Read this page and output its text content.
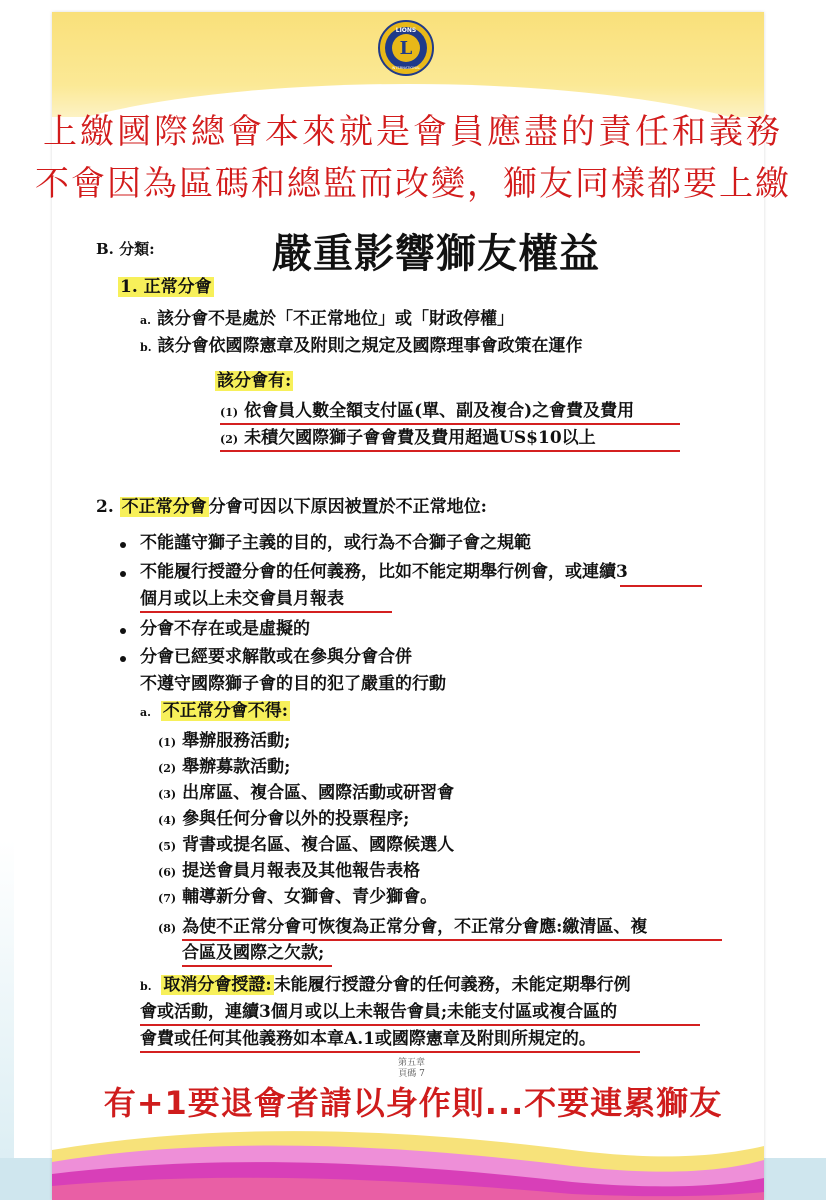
L
LIONS
INTERNATIONAL
上繳國際總會本來就是會員應盡的責任和義務
不會因為區碼和總監而改變，獅友同樣都要上繳
B. 分類:	嚴重影響獅友權益
1. 正常分會
a. 該分會不是處於「不正常地位」或「財政停權」
b. 該分會依國際憲章及附則之規定及國際理事會政策在運作
該分會有:
(1) 依會員人數全額支付區(單、副及複合)之會費及費用
(2) 未積欠國際獅子會會費及費用超過US$10以上
2. 不正常分會 分會可因以下原因被置於不正常地位:
不能謹守獅子主義的目的，或行為不合獅子會之規範
不能履行授證分會的任何義務，比如不能定期舉行例會，或連續3
個月或以上未交會員月報表
分會不存在或是虛擬的
分會已經要求解散或在參與分會合併
不遵守國際獅子會的目的犯了嚴重的行動
a. 不正常分會不得:
(1) 舉辦服務活動;
(2) 舉辦募款活動;
(3) 出席區、複合區、國際活動或研習會
(4) 參與任何分會以外的投票程序;
(5) 背書或提名區、複合區、國際候選人
(6) 提送會員月報表及其他報告表格
(7) 輔導新分會、女獅會、青少獅會。
(8) 為使不正常分會可恢復為正常分會，不正常分會應:繳清區、複
合區及國際之欠款;
b. 取消分會授證: 未能履行授證分會的任何義務，未能定期舉行例
會或活動，連續3個月或以上未報告會員;未能支付區或複合區的
會費或任何其他義務如本章A.1或國際憲章及附則所規定的。
第五章
頁碼 7
有+1要退會者請以身作則...不要連累獅友
